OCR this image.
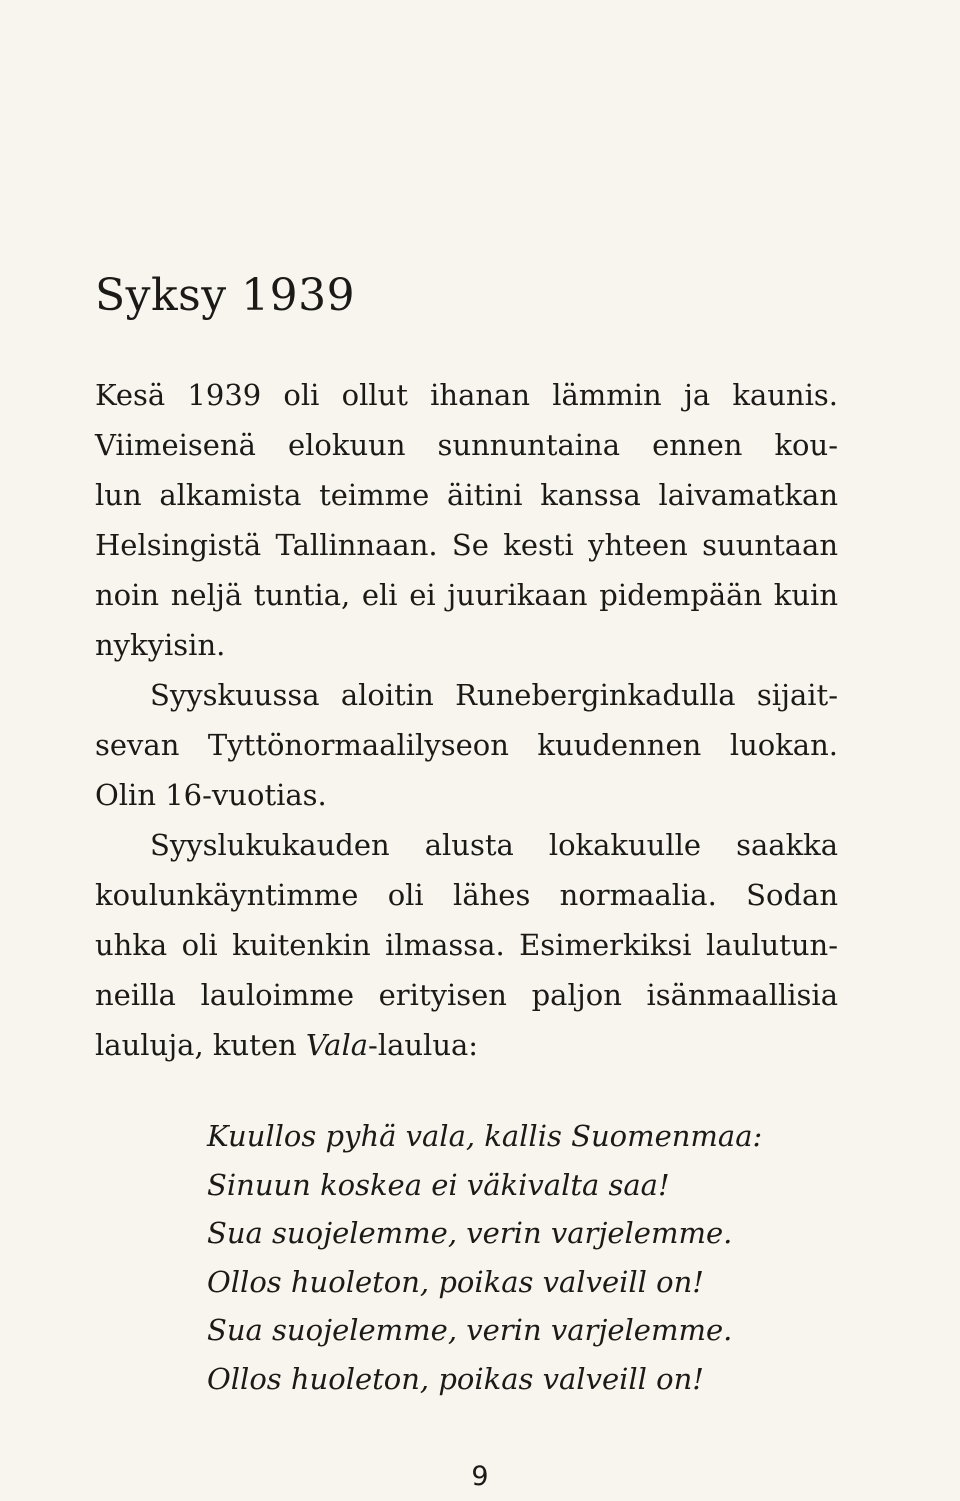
Syksy 1939
Kesä 1939 oli ollut ihanan lämmin ja kaunis.
Viimeisenä elokuun sunnuntaina ennen kou-
lun alkamista teimme äitini kanssa laivamatkan
Helsingistä Tallinnaan. Se kesti yhteen suuntaan
noin neljä tuntia, eli ei juurikaan pidempään kuin
nykyisin.
Syyskuussa aloitin Runeberginkadulla sijait-
sevan Tyttönormaalilyseon kuudennen luokan.
Olin 16-vuotias.
Syyslukukauden alusta lokakuulle saakka
koulunkäyntimme oli lähes normaalia. Sodan
uhka oli kuitenkin ilmassa. Esimerkiksi laulutun-
neilla lauloimme erityisen paljon isänmaallisia
lauluja, kuten Vala-laulua:
Kuullos pyhä vala, kallis Suomenmaa:
Sinuun koskea ei väkivalta saa!
Sua suojelemme, verin varjelemme.
Ollos huoleton, poikas valveill on!
Sua suojelemme, verin varjelemme.
Ollos huoleton, poikas valveill on!
9
